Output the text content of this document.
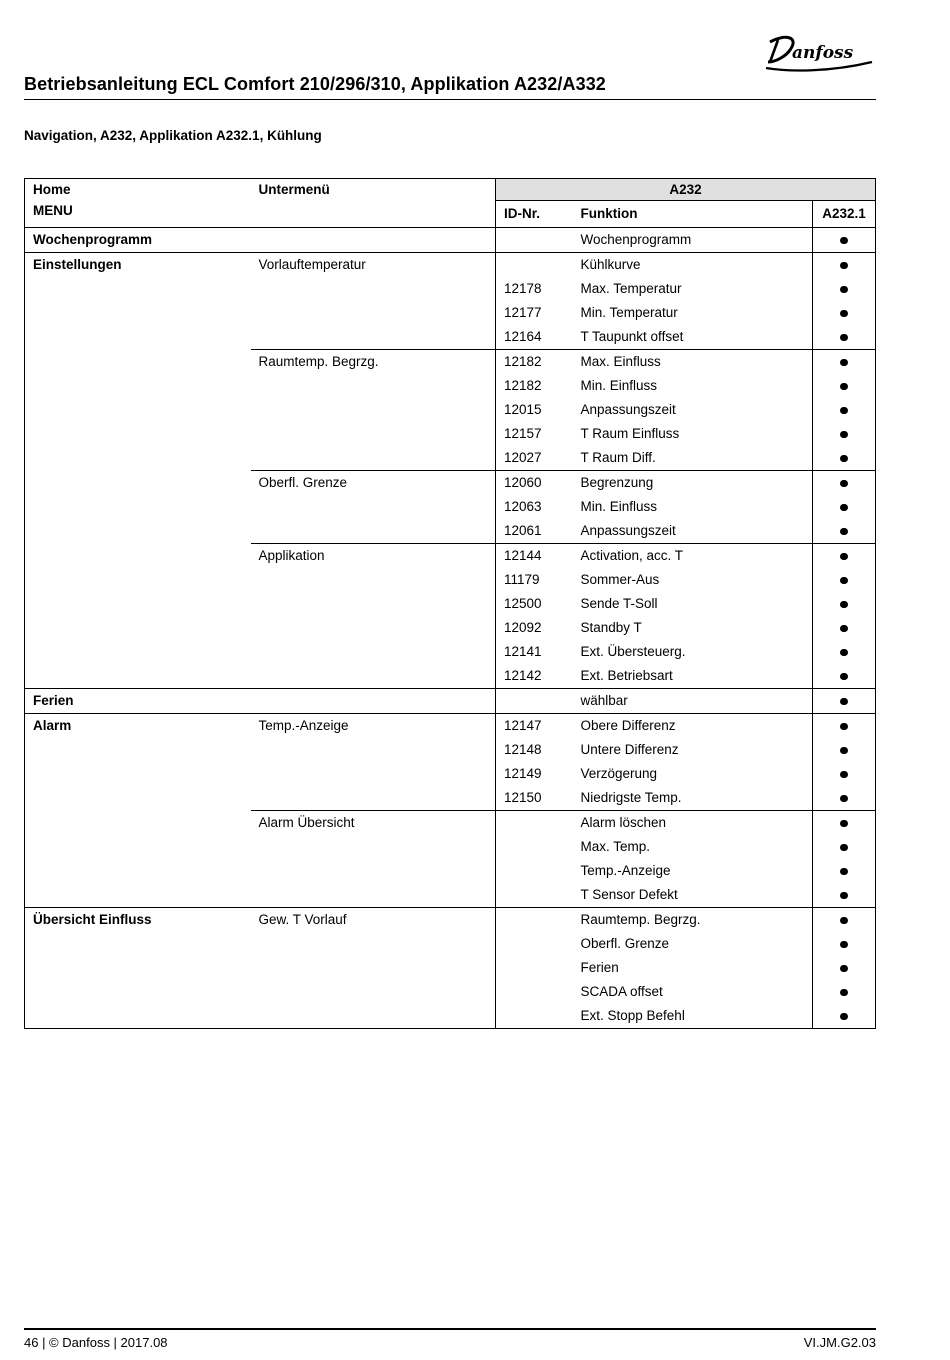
anfoss
Betriebsanleitung ECL Comfort 210/296/310, Applikation A232/A332
Navigation, A232, Applikation A232.1, Kühlung
Home
MENU	Untermenü	A232		
		ID-Nr.	Funktion	A232.1
Wochenprogramm			Wochenprogramm	
Einstellungen	Vorlauftemperatur		Kühlkurve	
		12178	Max. Temperatur	
		12177	Min. Temperatur	
		12164	T Taupunkt offset	
	Raumtemp. Begrzg.	12182	Max. Einfluss	
		12182	Min. Einfluss	
		12015	Anpassungszeit	
		12157	T Raum Einfluss	
		12027	T Raum Diff.	
	Oberfl. Grenze	12060	Begrenzung	
		12063	Min. Einfluss	
		12061	Anpassungszeit	
	Applikation	12144	Activation, acc. T	
		11179	Sommer-Aus	
		12500	Sende T-Soll	
		12092	Standby T	
		12141	Ext. Übersteuerg.	
		12142	Ext. Betriebsart	
Ferien			wählbar	
Alarm	Temp.-Anzeige	12147	Obere Differenz	
		12148	Untere Differenz	
		12149	Verzögerung	
		12150	Niedrigste Temp.	
	Alarm Übersicht		Alarm löschen	
			Max. Temp.	
			Temp.-Anzeige	
			T Sensor Defekt	
Übersicht Einfluss	Gew. T Vorlauf		Raumtemp. Begrzg.	
			Oberfl. Grenze	
			Ferien	
			SCADA offset	
			Ext. Stopp Befehl	
46 | © Danfoss | 2017.08	VI.JM.G2.03
